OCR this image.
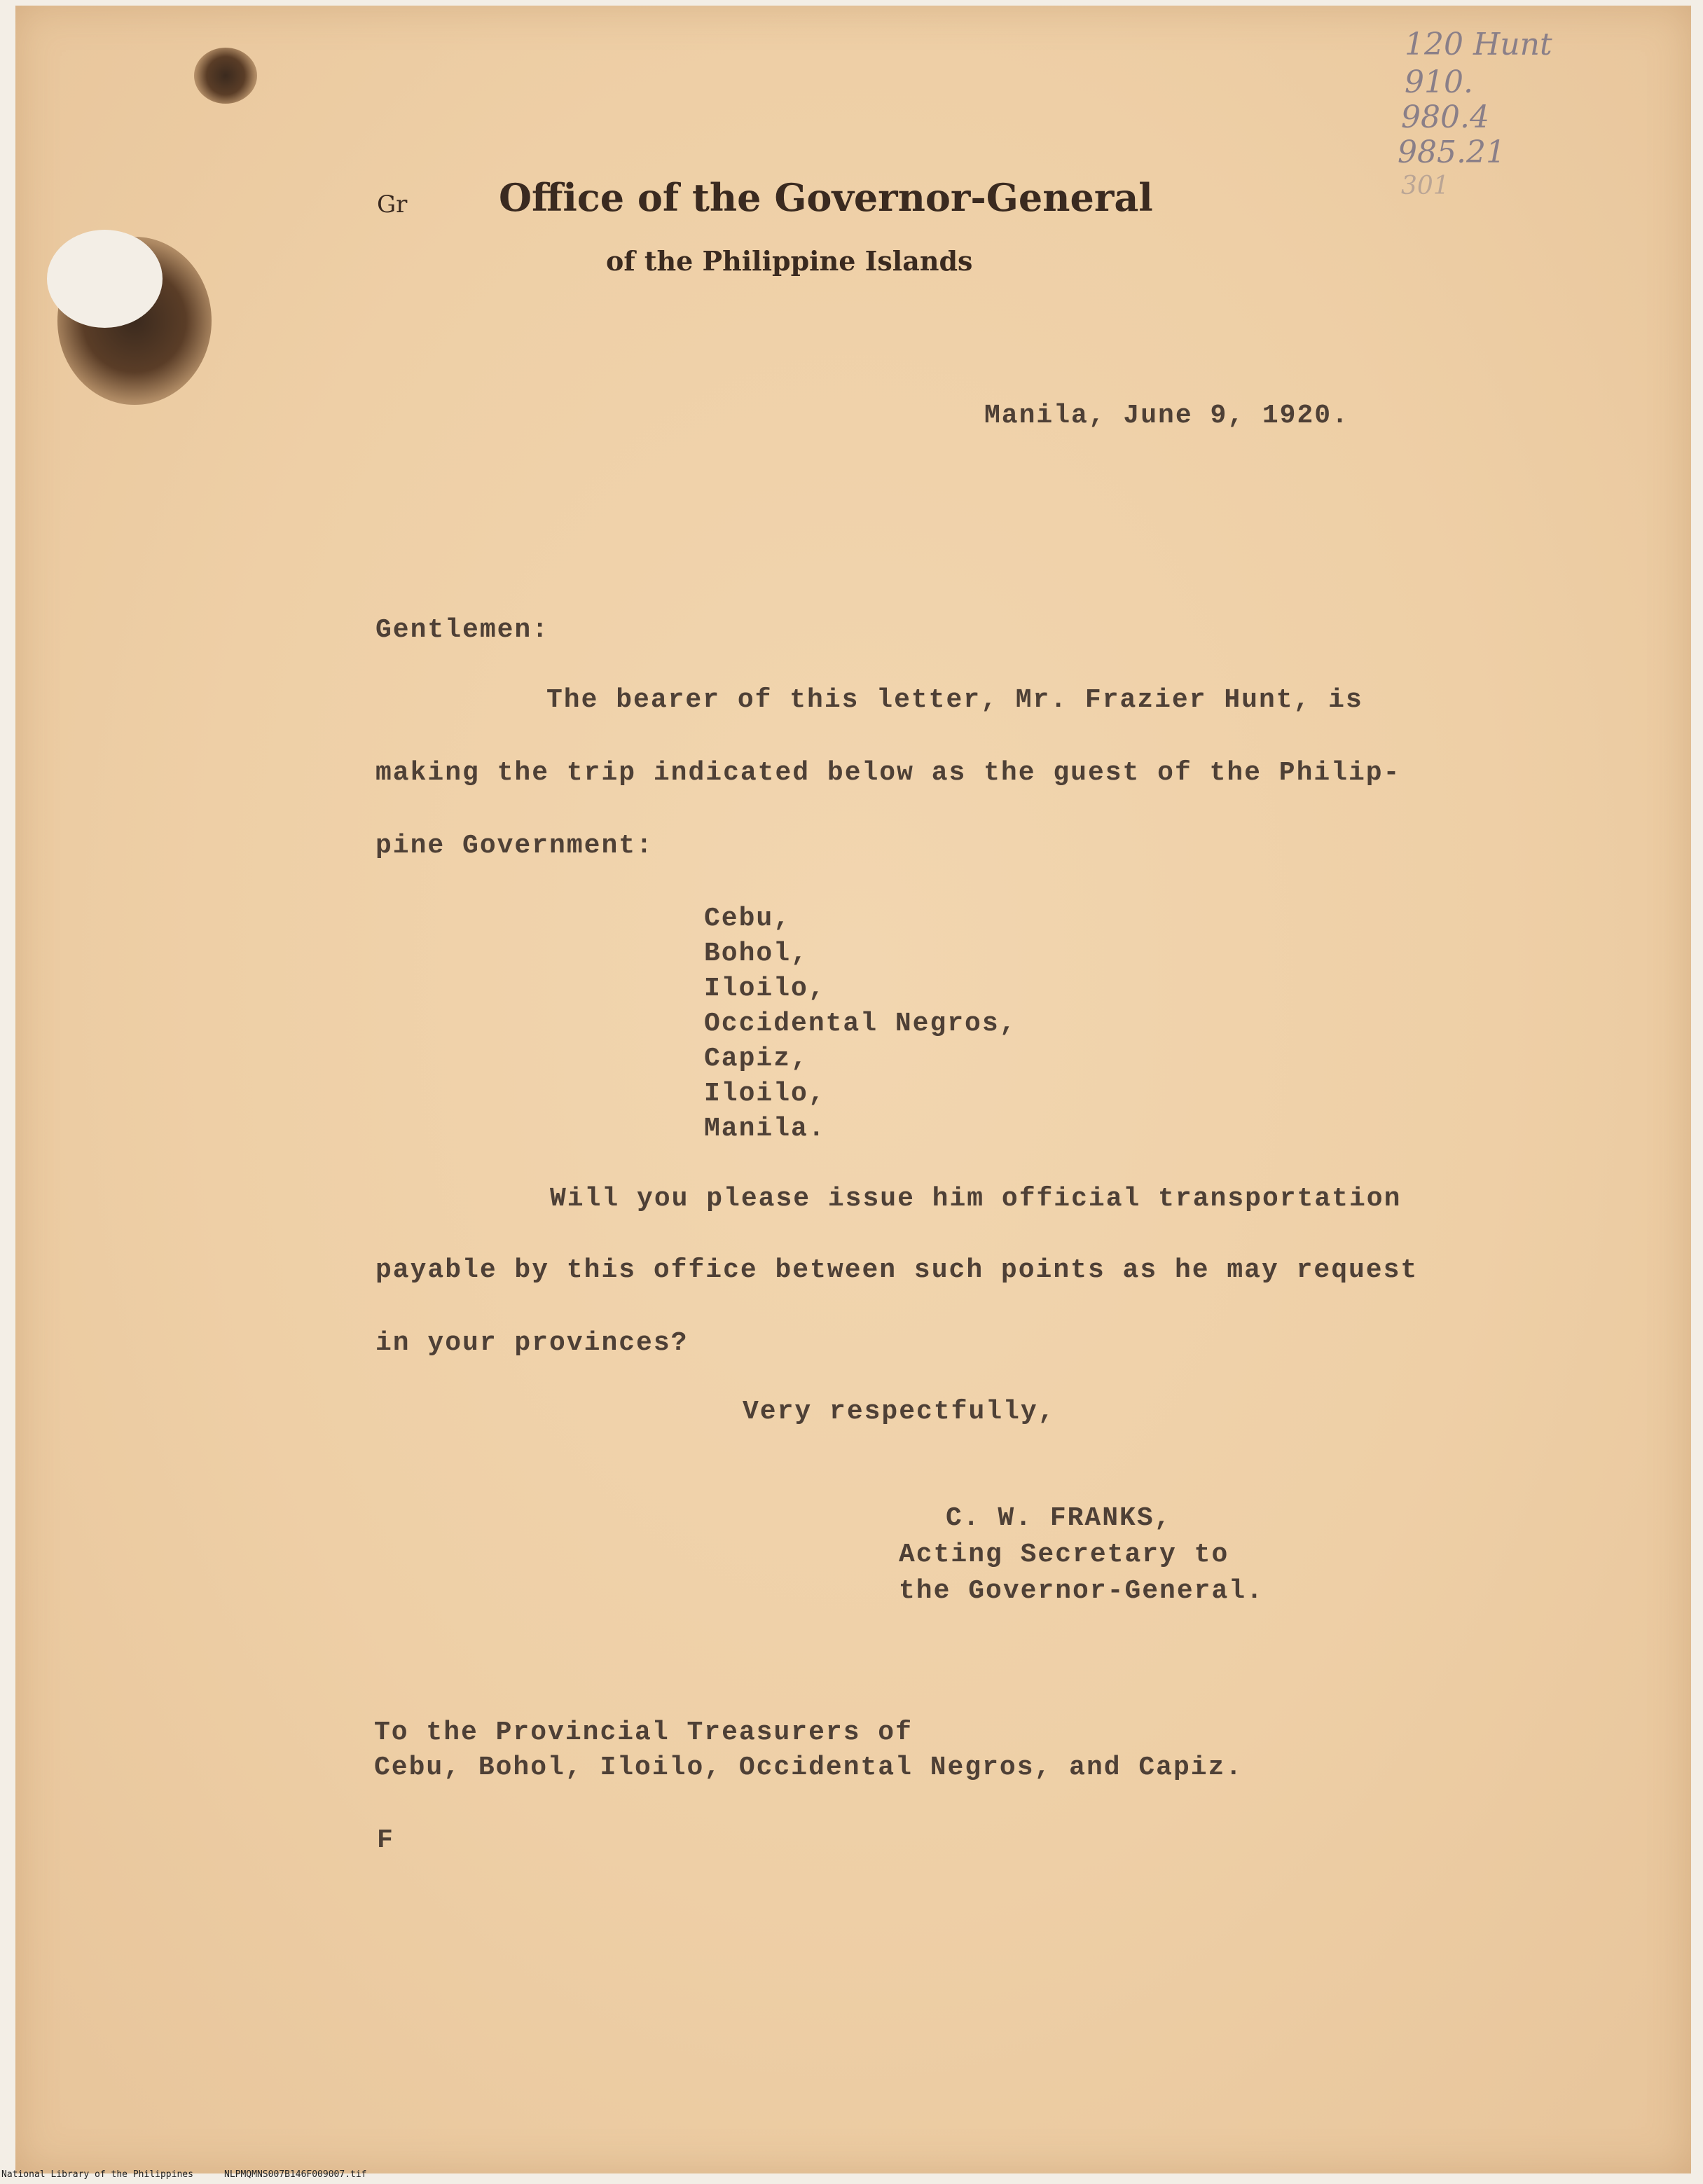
Gr Office of the Governor-General

of the Philippine Islands

120 Hunt

910.

980.4

985.21

301

Manila, June 9, 1920.

Gentlemen:

The bearer of this letter, Mr. Frazier Hunt, is

making the trip indicated below as the guest of the Philip-

pine Government:

Cebu,

Bohol,

Iloilo,

Occidental Negros,

Capiz,

Iloilo,

Manila.

Will you please issue him official transportation

payable by this office between such points as he may request

in your provinces?

Very respectfully,

C. W. FRANKS,

Acting Secretary to

the Governor-General.

To the Provincial Treasurers of

Cebu, Bohol, Iloilo, Occidental Negros, and Capiz.

F

National Library of the Philippines	NLPMQMNS007B146F009007.tif
